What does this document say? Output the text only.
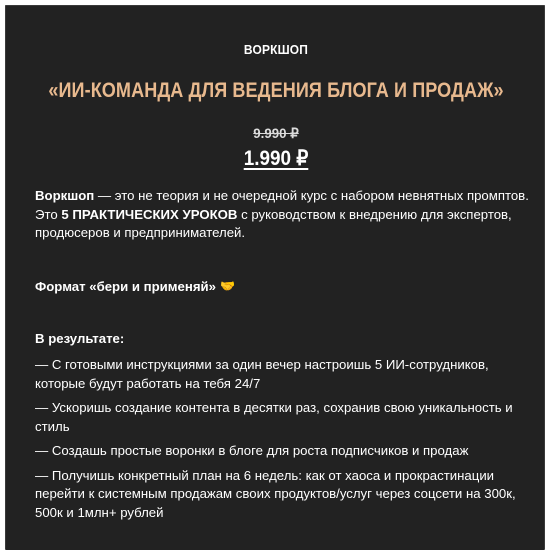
ВОРКШОП
«ИИ-КОМАНДА ДЛЯ ВЕДЕНИЯ БЛОГА И ПРОДАЖ»
9.990 ₽
1.990 ₽

Воркшоп — это не теория и не очередной курс с набором невнятных промптов. Это 5 ПРАКТИЧЕСКИХ УРОКОВ с руководством к внедрению для экспертов, продюсеров и предпринимателей.

Формат «бери и применяй» 🤝
В результате:
— С готовыми инструкциями за один вечер настроишь 5 ИИ-сотрудников, которые будут работать на тебя 24/7
— Ускоришь создание контента в десятки раз, сохранив свою уникальность и стиль
— Создашь простые воронки в блоге для роста подписчиков и продаж
— Получишь конкретный план на 6 недель: как от хаоса и прокрастинации перейти к системным продажам своих продуктов/услуг через соцсети на 300к, 500к и 1млн+ рублей
